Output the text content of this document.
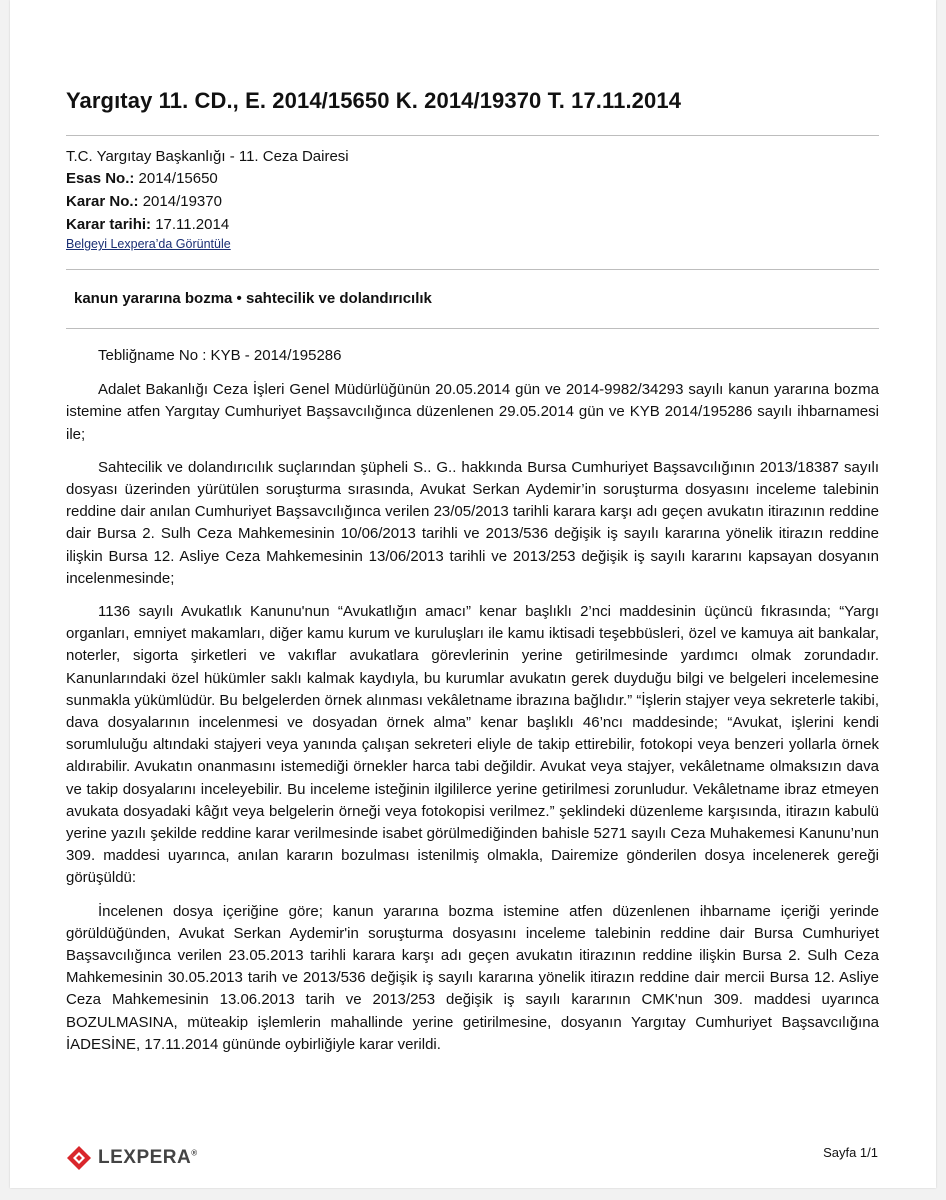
Yargıtay 11. CD., E. 2014/15650 K. 2014/19370 T. 17.11.2014
T.C. Yargıtay Başkanlığı - 11. Ceza Dairesi
Esas No.: 2014/15650
Karar No.: 2014/19370
Karar tarihi: 17.11.2014
Belgeyi Lexpera’da Görüntüle
kanun yararına bozma • sahtecilik ve dolandırıcılık

Tebliğname No : KYB - 2014/195286

Adalet Bakanlığı Ceza İşleri Genel Müdürlüğünün 20.05.2014 gün ve 2014-9982/34293 sayılı kanun yararına bozma istemine atfen Yargıtay Cumhuriyet Başsavcılığınca düzenlenen 29.05.2014 gün ve KYB 2014/195286 sayılı ihbarnamesi ile;

Sahtecilik ve dolandırıcılık suçlarından şüpheli S.. G.. hakkında Bursa Cumhuriyet Başsavcılığının 2013/18387 sayılı dosyası üzerinden yürütülen soruşturma sırasında, Avukat Serkan Aydemir’in soruşturma dosyasını inceleme talebinin reddine dair anılan Cumhuriyet Başsavcılığınca verilen 23/05/2013 tarihli karara karşı adı geçen avukatın itirazının reddine dair Bursa 2. Sulh Ceza Mahkemesinin 10/06/2013 tarihli ve 2013/536 değişik iş sayılı kararına yönelik itirazın reddine ilişkin Bursa 12. Asliye Ceza Mahkemesinin 13/06/2013 tarihli ve 2013/253 değişik iş sayılı kararını kapsayan dosyanın incelenmesinde;

1136 sayılı Avukatlık Kanunu'nun “Avukatlığın amacı” kenar başlıklı 2’nci maddesinin üçüncü fıkrasında; “Yargı organları, emniyet makamları, diğer kamu kurum ve kuruluşları ile kamu iktisadi teşebbüsleri, özel ve kamuya ait bankalar, noterler, sigorta şirketleri ve vakıflar avukatlara görevlerinin yerine getirilmesinde yardımcı olmak zorundadır. Kanunlarındaki özel hükümler saklı kalmak kaydıyla, bu kurumlar avukatın gerek duyduğu bilgi ve belgeleri incelemesine sunmakla yükümlüdür. Bu belgelerden örnek alınması vekâletname ibrazına bağlıdır.” “İşlerin stajyer veya sekreterle takibi, dava dosyalarının incelenmesi ve dosyadan örnek alma” kenar başlıklı 46’ncı maddesinde; “Avukat, işlerini kendi sorumluluğu altındaki stajyeri veya yanında çalışan sekreteri eliyle de takip ettirebilir, fotokopi veya benzeri yollarla örnek aldırabilir. Avukatın onanmasını istemediği örnekler harca tabi değildir. Avukat veya stajyer, vekâletname olmaksızın dava ve takip dosyalarını inceleyebilir. Bu inceleme isteğinin ilgililerce yerine getirilmesi zorunludur. Vekâletname ibraz etmeyen avukata dosyadaki kâğıt veya belgelerin örneği veya fotokopisi verilmez.” şeklindeki düzenleme karşısında, itirazın kabulü yerine yazılı şekilde reddine karar verilmesinde isabet görülmediğinden bahisle 5271 sayılı Ceza Muhakemesi Kanunu’nun 309. maddesi uyarınca, anılan kararın bozulması istenilmiş olmakla, Dairemize gönderilen dosya incelenerek gereği görüşüldü:

İncelenen dosya içeriğine göre; kanun yararına bozma istemine atfen düzenlenen ihbarname içeriği yerinde görüldüğünden, Avukat Serkan Aydemir'in soruşturma dosyasını inceleme talebinin reddine dair Bursa Cumhuriyet Başsavcılığınca verilen 23.05.2013 tarihli karara karşı adı geçen avukatın itirazının reddine ilişkin Bursa 2. Sulh Ceza Mahkemesinin 30.05.2013 tarih ve 2013/536 değişik iş sayılı kararına yönelik itirazın reddine dair mercii Bursa 12. Asliye Ceza Mahkemesinin 13.06.2013 tarih ve 2013/253 değişik iş sayılı kararının CMK'nun 309. maddesi uyarınca BOZULMASINA, müteakip işlemlerin mahallinde yerine getirilmesine, dosyanın Yargıtay Cumhuriyet Başsavcılığına İADESİNE, 17.11.2014 gününde oybirliğiyle karar verildi.

LEXPERA®	Sayfa 1/1
